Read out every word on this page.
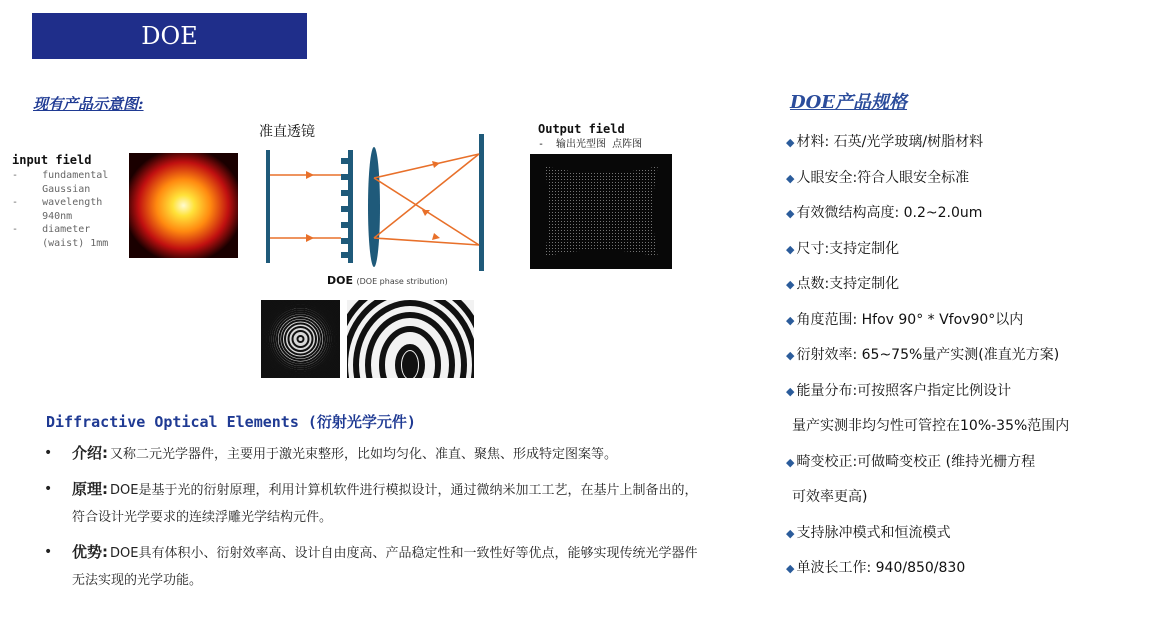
DOE
现有产品示意图:
准直透镜
input field
-    fundamental
Gaussian
-    wavelength
940nm
-    diameter
(waist) 1mm
Output field
-  输出光型图 点阵图
DOE (DOE phase stribution)
Diffractive Optical Elements (衍射光学元件)
•	介绍: 又称二元光学器件，主要用于激光束整形，比如均匀化、准直、聚焦、形成特定图案等。
•	原理: DOE是基于光的衍射原理，利用计算机软件进行模拟设计，通过微纳米加工工艺，在基片上制备出的，符合设计光学要求的连续浮雕光学结构元件。
•	优势: DOE具有体积小、衍射效率高、设计自由度高、产品稳定性和一致性好等优点，能够实现传统光学器件无法实现的光学功能。
DOE产品规格
◆ 材料: 石英/光学玻璃/树脂材料
◆ 人眼安全:符合人眼安全标准
◆ 有效微结构高度: 0.2~2.0um
◆ 尺寸:支持定制化
◆ 点数:支持定制化
◆ 角度范围: Hfov 90° * Vfov90°以内
◆ 衍射效率: 65~75%量产实测(准直光方案)
◆ 能量分布:可按照客户指定比例设计
量产实测非均匀性可管控在10%-35%范围内
◆ 畸变校正:可做畸变校正 (维持光栅方程
可效率更高)
◆ 支持脉冲模式和恒流模式
◆ 单波长工作: 940/850/830
